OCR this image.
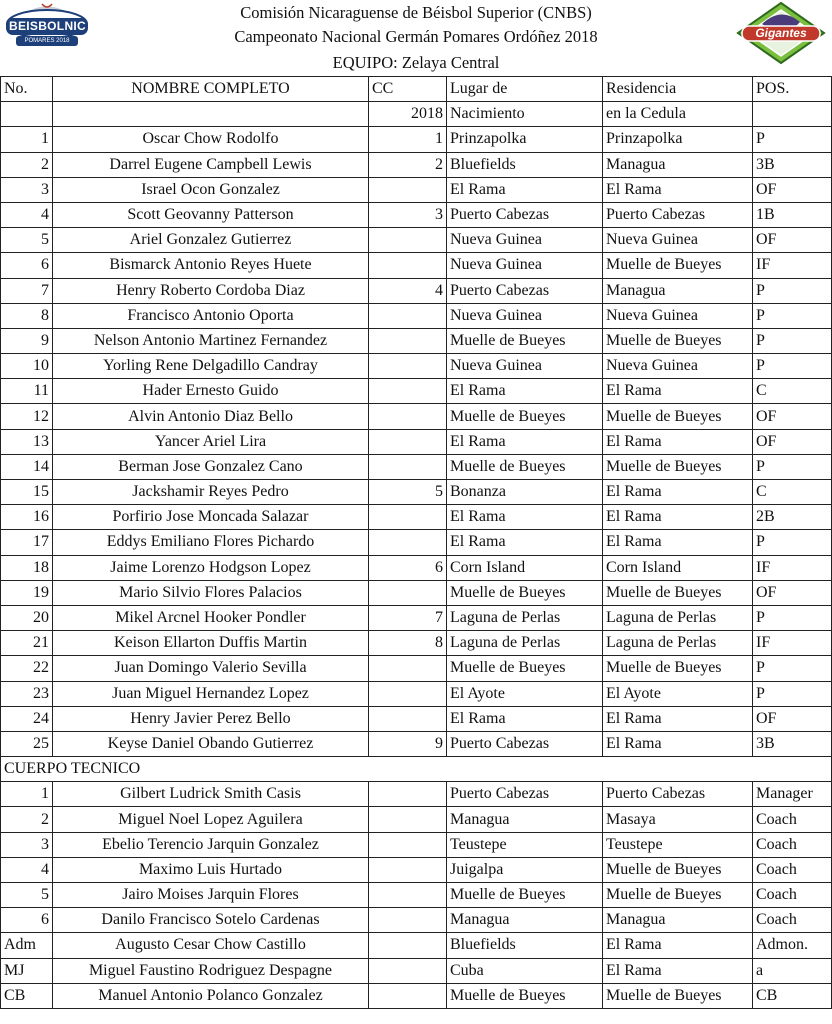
BEISBOLNIC
POMARES 2018
Comisión Nicaraguense de Béisbol Superior (CNBS)
Campeonato Nacional Germán Pomares Ordóñez 2018
EQUIPO: Zelaya Central
Gigantes
No.	NOMBRE COMPLETO	CC	Lugar de	Residencia	POS.
		2018	Nacimiento	en la Cedula	
1	Oscar Chow Rodolfo	1	Prinzapolka	Prinzapolka	P
2	Darrel Eugene Campbell Lewis	2	Bluefields	Managua	3B
3	Israel Ocon Gonzalez		El Rama	El Rama	OF
4	Scott Geovanny Patterson	3	Puerto Cabezas	Puerto Cabezas	1B
5	Ariel Gonzalez Gutierrez		Nueva Guinea	Nueva Guinea	OF
6	Bismarck Antonio Reyes Huete		Nueva Guinea	Muelle de Bueyes	IF
7	Henry Roberto Cordoba Diaz	4	Puerto Cabezas	Managua	P
8	Francisco Antonio Oporta		Nueva Guinea	Nueva Guinea	P
9	Nelson Antonio Martinez Fernandez		Muelle de Bueyes	Muelle de Bueyes	P
10	Yorling Rene Delgadillo Candray		Nueva Guinea	Nueva Guinea	P
11	Hader Ernesto Guido		El Rama	El Rama	C
12	Alvin Antonio Diaz Bello		Muelle de Bueyes	Muelle de Bueyes	OF
13	Yancer Ariel Lira		El Rama	El Rama	OF
14	Berman Jose Gonzalez Cano		Muelle de Bueyes	Muelle de Bueyes	P
15	Jackshamir Reyes Pedro	5	Bonanza	El Rama	C
16	Porfirio Jose Moncada Salazar		El Rama	El Rama	2B
17	Eddys Emiliano Flores Pichardo		El Rama	El Rama	P
18	Jaime Lorenzo Hodgson Lopez	6	Corn Island	Corn Island	IF
19	Mario Silvio Flores Palacios		Muelle de Bueyes	Muelle de Bueyes	OF
20	Mikel Arcnel Hooker Pondler	7	Laguna de Perlas	Laguna de Perlas	P
21	Keison Ellarton Duffis Martin	8	Laguna de Perlas	Laguna de Perlas	IF
22	Juan Domingo Valerio Sevilla		Muelle de Bueyes	Muelle de Bueyes	P
23	Juan Miguel Hernandez Lopez		El Ayote	El Ayote	P
24	Henry Javier Perez Bello		El Rama	El Rama	OF
25	Keyse Daniel Obando Gutierrez	9	Puerto Cabezas	El Rama	3B
CUERPO TECNICO					
1	Gilbert Ludrick Smith Casis		Puerto Cabezas	Puerto Cabezas	Manager
2	Miguel Noel Lopez Aguilera		Managua	Masaya	Coach
3	Ebelio Terencio Jarquin Gonzalez		Teustepe	Teustepe	Coach
4	Maximo Luis Hurtado		Juigalpa	Muelle de Bueyes	Coach
5	Jairo Moises Jarquin Flores		Muelle de Bueyes	Muelle de Bueyes	Coach
6	Danilo Francisco Sotelo Cardenas		Managua	Managua	Coach
Adm	Augusto Cesar Chow Castillo		Bluefields	El Rama	Admon.
MJ	Miguel Faustino Rodriguez Despagne		Cuba	El Rama	a
CB	Manuel Antonio Polanco Gonzalez		Muelle de Bueyes	Muelle de Bueyes	CB
